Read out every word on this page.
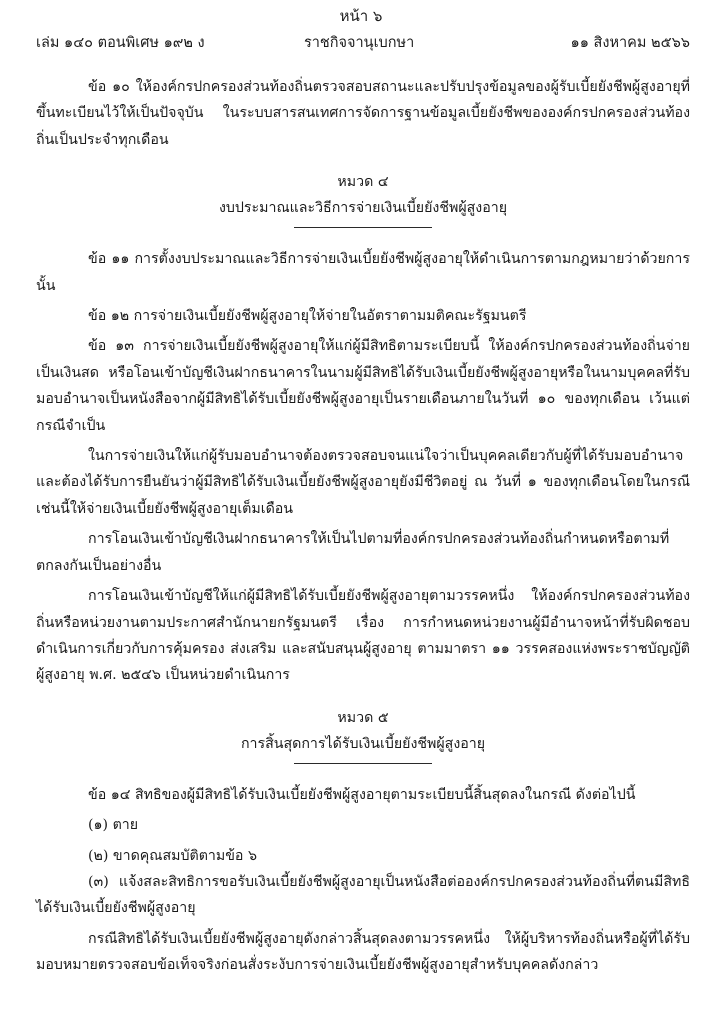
หน้า ๖
เล่ม ๑๔๐ ตอนพิเศษ ๑๙๒ ง	ราชกิจจานุเบกษา	๑๑ สิงหาคม ๒๕๖๖

ข้อ ๑๐ ให้องค์กรปกครองส่วนท้องถิ่นตรวจสอบสถานะและปรับปรุงข้อมูลของผู้รับเบี้ยยังชีพผู้สูงอายุที่ขึ้นทะเบียนไว้ให้เป็นปัจจุบัน ในระบบสารสนเทศการจัดการฐานข้อมูลเบี้ยยังชีพขององค์กรปกครองส่วนท้องถิ่นเป็นประจำทุกเดือน

หมวด ๔
งบประมาณและวิธีการจ่ายเงินเบี้ยยังชีพผู้สูงอายุ

ข้อ ๑๑ การตั้งงบประมาณและวิธีการจ่ายเงินเบี้ยยังชีพผู้สูงอายุให้ดำเนินการตามกฎหมายว่าด้วยการนั้น

ข้อ ๑๒ การจ่ายเงินเบี้ยยังชีพผู้สูงอายุให้จ่ายในอัตราตามมติคณะรัฐมนตรี

ข้อ ๑๓ การจ่ายเงินเบี้ยยังชีพผู้สูงอายุให้แก่ผู้มีสิทธิตามระเบียบนี้ ให้องค์กรปกครองส่วนท้องถิ่นจ่ายเป็นเงินสด หรือโอนเข้าบัญชีเงินฝากธนาคารในนามผู้มีสิทธิได้รับเงินเบี้ยยังชีพผู้สูงอายุหรือในนามบุคคลที่รับมอบอำนาจเป็นหนังสือจากผู้มีสิทธิได้รับเบี้ยยังชีพผู้สูงอายุเป็นรายเดือนภายในวันที่ ๑๐ ของทุกเดือน เว้นแต่กรณีจำเป็น

ในการจ่ายเงินให้แก่ผู้รับมอบอำนาจต้องตรวจสอบจนแน่ใจว่าเป็นบุคคลเดียวกับผู้ที่ได้รับมอบอำนาจและต้องได้รับการยืนยันว่าผู้มีสิทธิได้รับเงินเบี้ยยังชีพผู้สูงอายุยังมีชีวิตอยู่ ณ วันที่ ๑ ของทุกเดือนโดยในกรณีเช่นนี้ให้จ่ายเงินเบี้ยยังชีพผู้สูงอายุเต็มเดือน

การโอนเงินเข้าบัญชีเงินฝากธนาคารให้เป็นไปตามที่องค์กรปกครองส่วนท้องถิ่นกำหนดหรือตามที่ตกลงกันเป็นอย่างอื่น

การโอนเงินเข้าบัญชีให้แก่ผู้มีสิทธิได้รับเบี้ยยังชีพผู้สูงอายุตามวรรคหนึ่ง ให้องค์กรปกครองส่วนท้องถิ่นหรือหน่วยงานตามประกาศสำนักนายกรัฐมนตรี เรื่อง การกำหนดหน่วยงานผู้มีอำนาจหน้าที่รับผิดชอบดำเนินการเกี่ยวกับการคุ้มครอง ส่งเสริม และสนับสนุนผู้สูงอายุ ตามมาตรา ๑๑ วรรคสองแห่งพระราชบัญญัติผู้สูงอายุ พ.ศ. ๒๕๔๖ เป็นหน่วยดำเนินการ

หมวด ๕
การสิ้นสุดการได้รับเงินเบี้ยยังชีพผู้สูงอายุ

ข้อ ๑๔ สิทธิของผู้มีสิทธิได้รับเงินเบี้ยยังชีพผู้สูงอายุตามระเบียบนี้สิ้นสุดลงในกรณี ดังต่อไปนี้

(๑) ตาย

(๒) ขาดคุณสมบัติตามข้อ ๖

(๓) แจ้งสละสิทธิการขอรับเงินเบี้ยยังชีพผู้สูงอายุเป็นหนังสือต่อองค์กรปกครองส่วนท้องถิ่นที่ตนมีสิทธิได้รับเงินเบี้ยยังชีพผู้สูงอายุ

กรณีสิทธิได้รับเงินเบี้ยยังชีพผู้สูงอายุดังกล่าวสิ้นสุดลงตามวรรคหนึ่ง ให้ผู้บริหารท้องถิ่นหรือผู้ที่ได้รับมอบหมายตรวจสอบข้อเท็จจริงก่อนสั่งระงับการจ่ายเงินเบี้ยยังชีพผู้สูงอายุสำหรับบุคคลดังกล่าว
